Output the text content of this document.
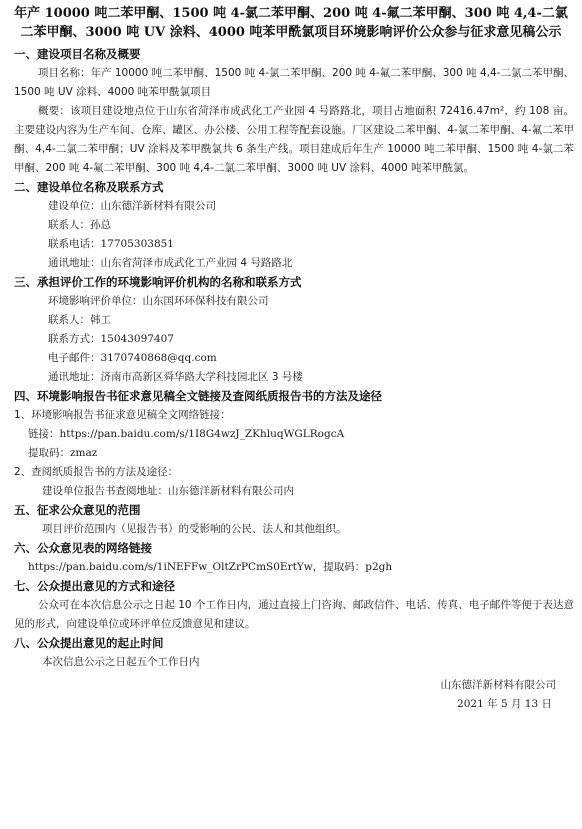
年产 10000 吨二苯甲酮、1500 吨 4-氯二苯甲酮、200 吨 4-氟二苯甲酮、300 吨 4,4-二氯二苯甲酮、3000 吨 UV 涂料、4000 吨苯甲酰氯项目环境影响评价公众参与征求意见稿公示
一、建设项目名称及概要
项目名称：年产 10000 吨二苯甲酮、1500 吨 4-氯二苯甲酮、200 吨 4-氟二苯甲酮、300 吨 4,4-二氯二苯甲酮、1500 吨 UV 涂料、4000 吨苯甲酰氯项目
概要：该项目建设地点位于山东省菏泽市成武化工产业园 4 号路路北，项目占地面积 72416.47m²，约 108 亩。主要建设内容为生产车间、仓库、罐区、办公楼、公用工程等配套设施。厂区建设二苯甲酮、4-氯二苯甲酮、4-氟二苯甲酮、4,4-二氯二苯甲酮；UV 涂料及苯甲酰氯共 6 条生产线。项目建成后年生产 10000 吨二苯甲酮、1500 吨 4-氯二苯甲酮、200 吨 4-氟二苯甲酮、300 吨 4,4-二氯二苯甲酮、3000 吨 UV 涂料、4000 吨苯甲酰氯。
二、建设单位名称及联系方式
建设单位：山东德洋新材料有限公司
联系人：孙总
联系电话：17705303851
通讯地址：山东省菏泽市成武化工产业园 4 号路路北
三、承担评价工作的环境影响评价机构的名称和联系方式
环境影响评价单位：山东国环环保科技有限公司
联系人：韩工
联系方式：15043097407
电子邮件：3170740868@qq.com
通讯地址：济南市高新区舜华路大学科技园北区 3 号楼
四、环境影响报告书征求意见稿全文链接及查阅纸质报告书的方法及途径
1、环境影响报告书征求意见稿全文网络链接：
链接：https://pan.baidu.com/s/1I8G4wzJ_ZKhluqWGLRogcA
提取码：zmaz
2、查阅纸质报告书的方法及途径：
建设单位报告书查阅地址：山东德洋新材料有限公司内
五、征求公众意见的范围
项目评价范围内（见报告书）的受影响的公民、法人和其他组织。
六、公众意见表的网络链接
https://pan.baidu.com/s/1iNEFFw_OltZrPCmS0ErtYw，提取码：p2gh
七、公众提出意见的方式和途径
公众可在本次信息公示之日起 10 个工作日内，通过直接上门咨询、邮政信件、电话、传真、电子邮件等便于表达意见的形式，向建设单位或环评单位反馈意见和建议。
八、公众提出意见的起止时间
本次信息公示之日起五个工作日内
山东德洋新材料有限公司
2021 年 5 月 13 日
